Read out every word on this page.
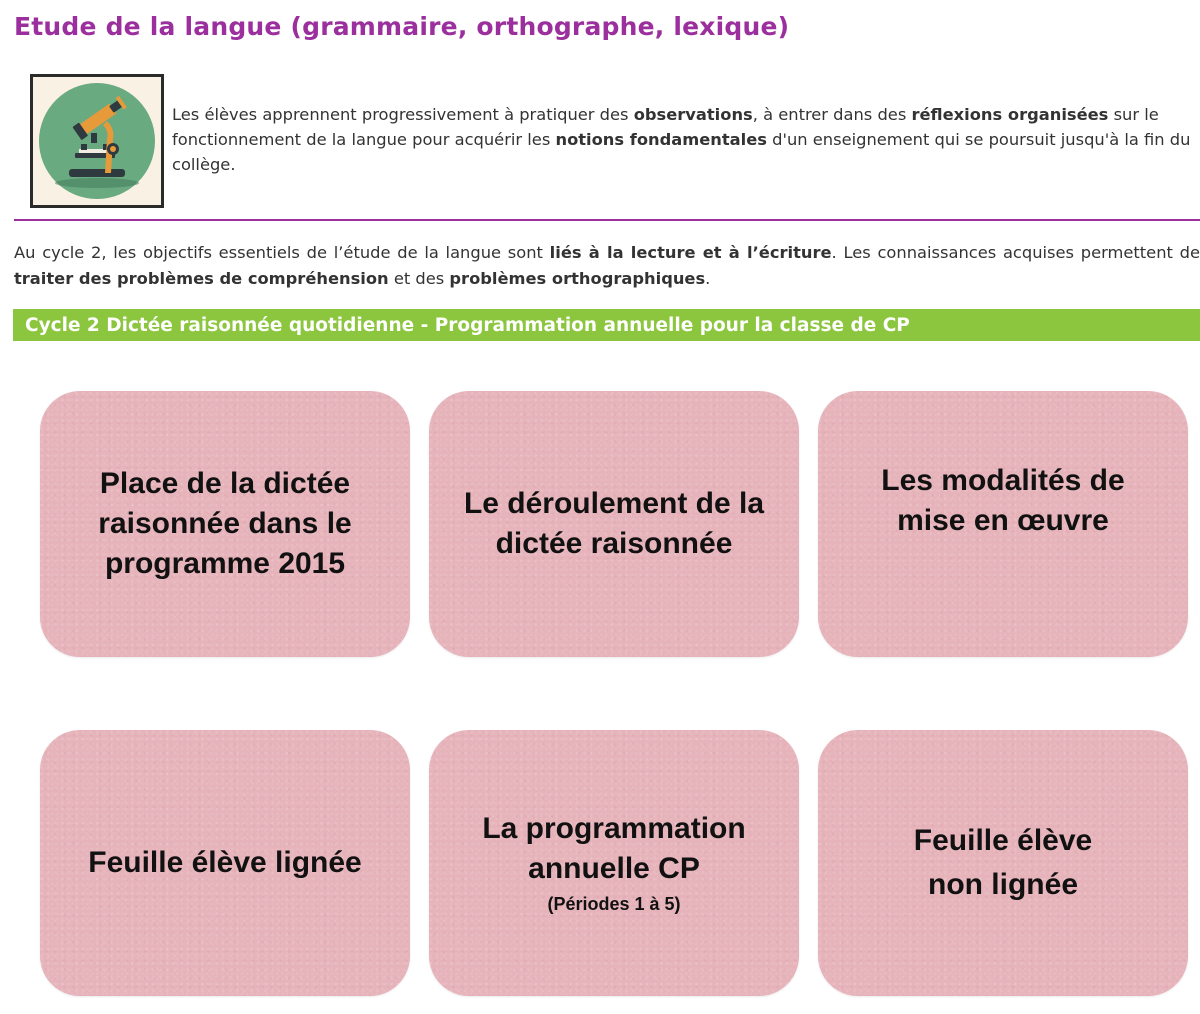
Etude de la langue (grammaire, orthographe, lexique)

Les élèves apprennent progressivement à pratiquer des observations, à entrer dans des réflexions organisées sur le fonctionnement de la langue pour acquérir les notions fondamentales d'un enseignement qui se poursuit jusqu'à la fin du collège.

Au cycle 2, les objectifs essentiels de l’étude de la langue sont liés à la lecture et à l’écriture. Les connaissances acquises permettent de traiter des problèmes de compréhension et des problèmes orthographiques.

Cycle 2 Dictée raisonnée quotidienne - Programmation annuelle pour la classe de CP
Place de la dictée
raisonnée dans le
programme 2015
Le déroulement de la
dictée raisonnée
Les modalités de
mise en œuvre
Feuille élève lignée
La programmation
annuelle CP
(Périodes 1 à 5)
Feuille élève
non lignée
